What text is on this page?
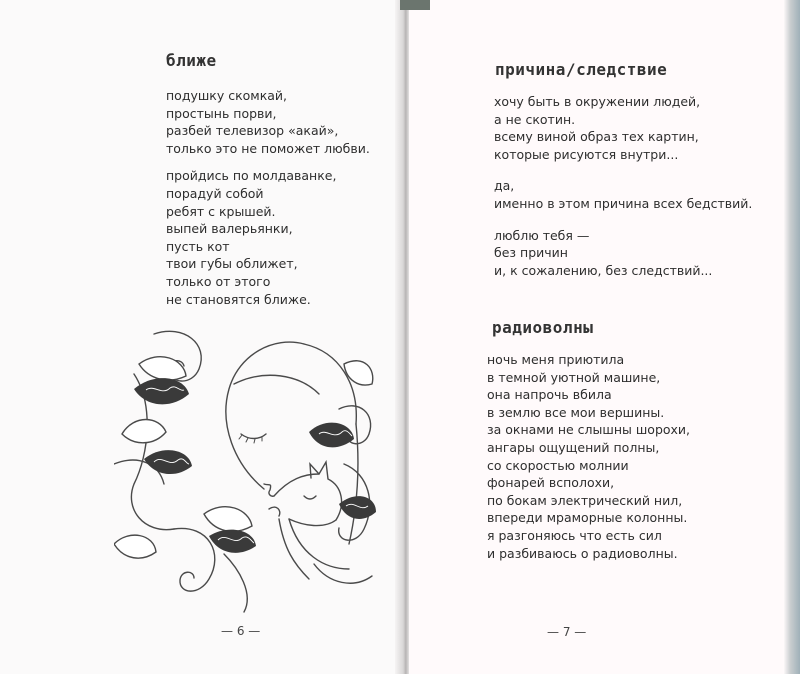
ближе
подушку скомкай,
простынь порви,
разбей телевизор «акай»,
только это не поможет любви.
пройдись по молдаванке,
порадуй собой
ребят с крышей.
выпей валерьянки,
пусть кот
твои губы оближет,
только от этого
не становятся ближе.
— 6 —
причина/следствие
хочу быть в окружении людей,
а не скотин.
всему виной образ тех картин,
которые рисуются внутри...
да,
именно в этом причина всех бедствий.
люблю тебя —
без причин
и, к сожалению, без следствий...
радиоволны
ночь меня приютила
в темной уютной машине,
она напрочь вбила
в землю все мои вершины.
за окнами не слышны шорохи,
ангары ощущений полны,
со скоростью молнии
фонарей всполохи,
по бокам электрический нил,
впереди мраморные колонны.
я разгоняюсь что есть сил
и разбиваюсь о радиоволны.
— 7 —
